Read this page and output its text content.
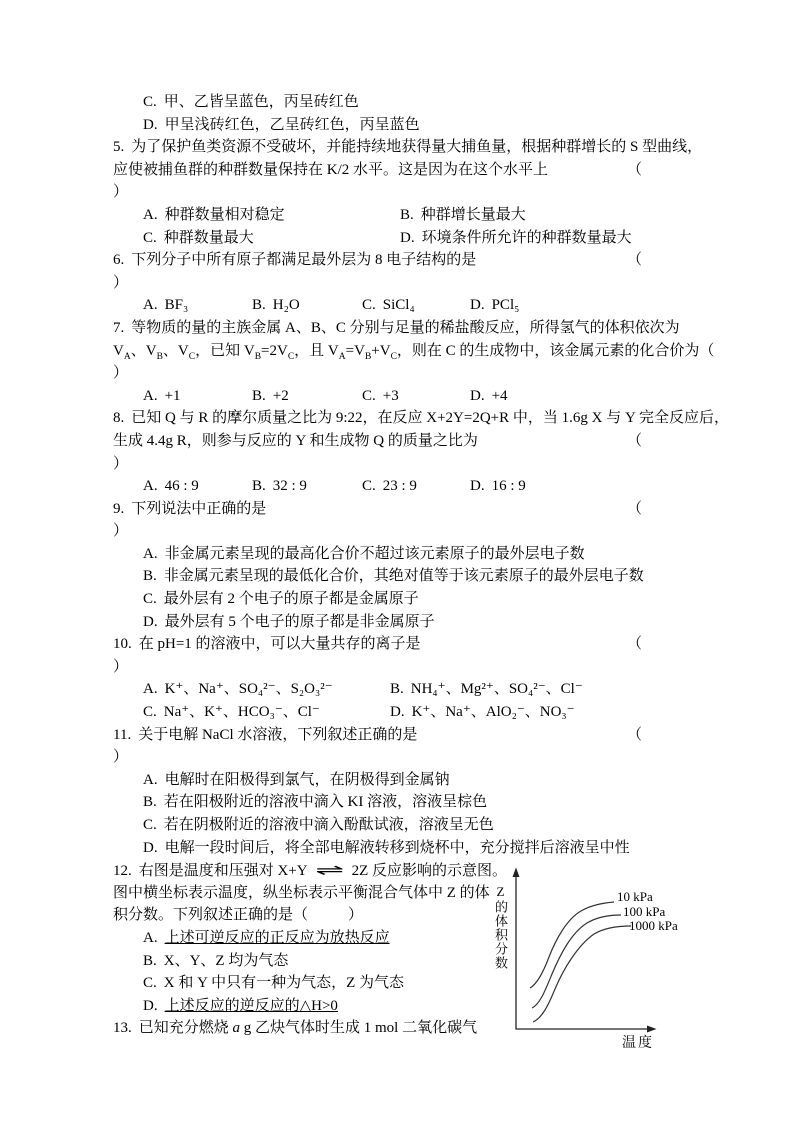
C. 甲、乙皆呈蓝色，丙呈砖红色
D. 甲呈浅砖红色，乙呈砖红色，丙呈蓝色
5. 为了保护鱼类资源不受破坏，并能持续地获得量大捕鱼量，根据种群增长的 S 型曲线，
应使被捕鱼群的种群数量保持在 K/2 水平。这是因为在这个水平上	（
）
A. 种群数量相对稳定	B. 种群增长量最大
C. 种群数量最大	D. 环境条件所允许的种群数量最大
6. 下列分子中所有原子都满足最外层为 8 电子结构的是	（
）
A. BF₃	B. H₂O	C. SiCl₄	D. PCl₅
7. 等物质的量的主族金属 A、B、C 分别与足量的稀盐酸反应，所得氢气的体积依次为
$V_A$、$V_B$、$V_C$，已知 $V_B=2V_C$，且 $V_A=V_B+V_C$，则在 C 的生成物中，该金属元素的化合价为（
）
A. +1	B. +2	C. +3	D. +4
8. 已知 Q 与 R 的摩尔质量之比为 9:22，在反应 X+2Y=2Q+R 中，当 1.6g X 与 Y 完全反应后，
生成 4.4g R，则参与反应的 Y 和生成物 Q 的质量之比为	（
）
A. 46 : 9	B. 32 : 9	C. 23 : 9	D. 16 : 9
9. 下列说法中正确的是	（
）
A. 非金属元素呈现的最高化合价不超过该元素原子的最外层电子数
B. 非金属元素呈现的最低化合价，其绝对值等于该元素原子的最外层电子数
C. 最外层有 2 个电子的原子都是金属原子
D. 最外层有 5 个电子的原子都是非金属原子
10. 在 pH=1 的溶液中，可以大量共存的离子是	（
）
A. K⁺、Na⁺、SO₄²⁻、S₂O₃²⁻	B. NH₄⁺、Mg²⁺、SO₄²⁻、Cl⁻
C. Na⁺、K⁺、HCO₃⁻、Cl⁻	D. K⁺、Na⁺、AlO₂⁻、NO₃⁻
11. 关于电解 NaCl 水溶液，下列叙述正确的是	（
）
A. 电解时在阳极得到氯气，在阴极得到金属钠
B. 若在阳极附近的溶液中滴入 KI 溶液，溶液呈棕色
C. 若在阴极附近的溶液中滴入酚酞试液，溶液呈无色
D. 电解一段时间后，将全部电解液转移到烧杯中，充分搅拌后溶液呈中性
12. 右图是温度和压强对 X+Y ⇌ 2Z 反应影响的示意图。
图中横坐标表示温度，纵坐标表示平衡混合气体中 Z 的体
积分数。下列叙述正确的是（	）
A. 上述可逆反应的正反应为放热反应
B. X、Y、Z 均为气态
C. X 和 Y 中只有一种为气态，Z 为气态
D. 上述反应的逆反应的△H>0
13. 已知充分燃烧 a g 乙炔气体时生成 1 mol 二氧化碳气
Z的体积分数	10 kPa
100 kPa
1000 kPa
温度
